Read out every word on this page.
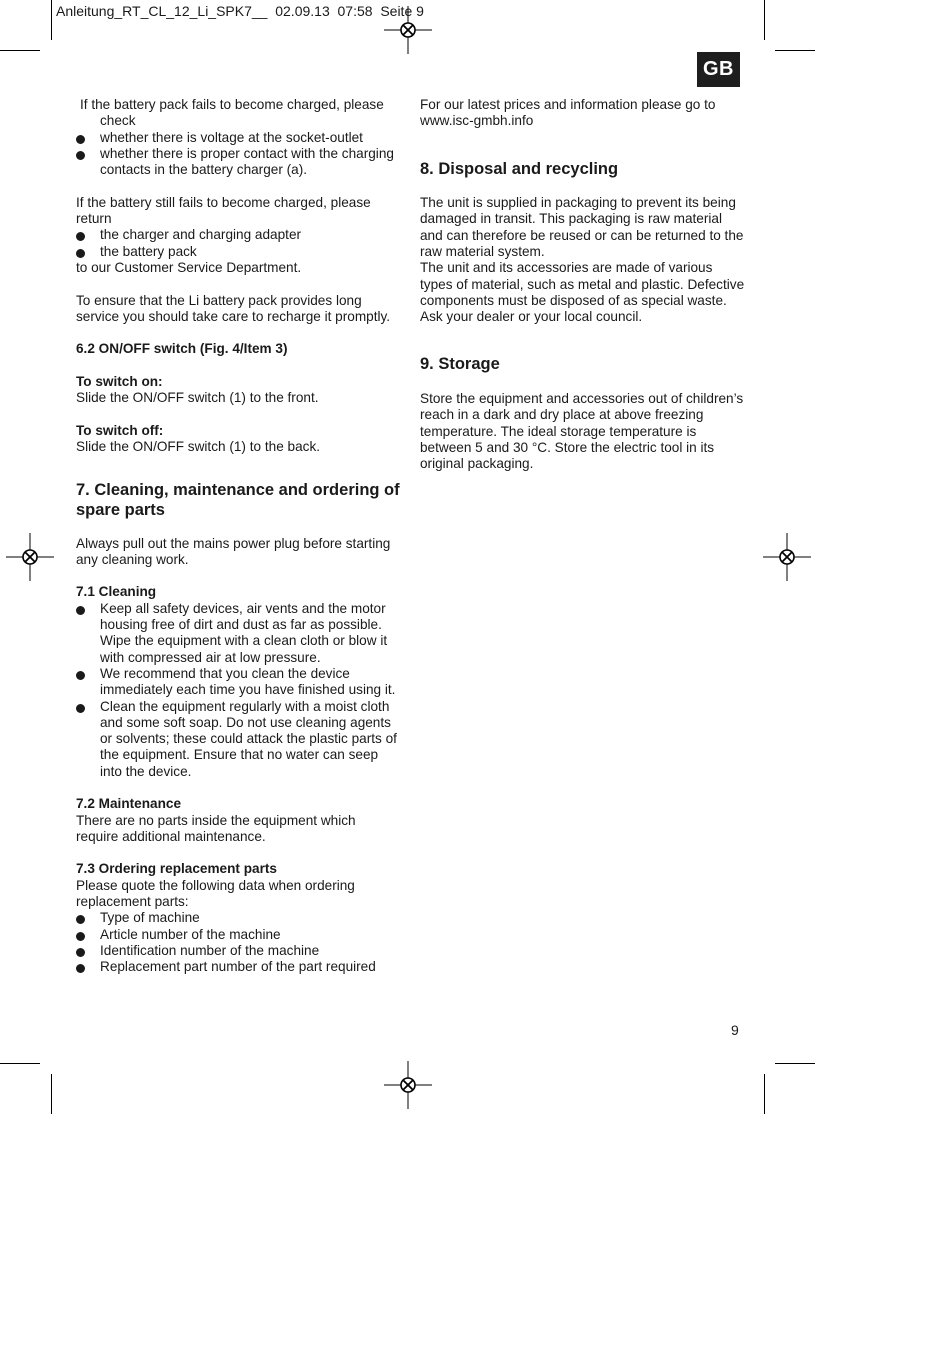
Anleitung_RT_CL_12_Li_SPK7__  02.09.13  07:58  Seite 9
GB

If the battery pack fails to become charged, please

check

whether there is voltage at the socket-outlet
whether there is proper contact with the charging contacts in the battery charger (a).

If the battery still fails to become charged, please return

the charger and charging adapter
the battery pack

to our Customer Service Department.

To ensure that the Li battery pack provides long service you should take care to recharge it promptly.

6.2 ON/OFF switch (Fig. 4/Item 3)

To switch on:

Slide the ON/OFF switch (1) to the front.

To switch off:

Slide the ON/OFF switch (1) to the back.

7. Cleaning, maintenance and ordering of spare parts

Always pull out the mains power plug before starting any cleaning work.

7.1 Cleaning

Keep all safety devices, air vents and the motor housing free of dirt and dust as far as possible. Wipe the equipment with a clean cloth or blow it with compressed air at low pressure.
We recommend that you clean the device immediately each time you have finished using it.
Clean the equipment regularly with a moist cloth and some soft soap. Do not use cleaning agents or solvents; these could attack the plastic parts of the equipment. Ensure that no water can seep into the device.

7.2 Maintenance

There are no parts inside the equipment which require additional maintenance.

7.3 Ordering replacement parts

Please quote the following data when ordering replacement parts:

Type of machine
Article number of the machine
Identification number of the machine
Replacement part number of the part required

For our latest prices and information please go to www.isc-gmbh.info

8. Disposal and recycling

The unit is supplied in packaging to prevent its being damaged in transit. This packaging is raw material and can therefore be reused or can be returned to the raw material system.

The unit and its accessories are made of various types of material, such as metal and plastic. Defective components must be disposed of as special waste. Ask your dealer or your local council.

9. Storage

Store the equipment and accessories out of children’s reach in a dark and dry place at above freezing temperature. The ideal storage temperature is between 5 and 30 °C. Store the electric tool in its original packaging.

9
